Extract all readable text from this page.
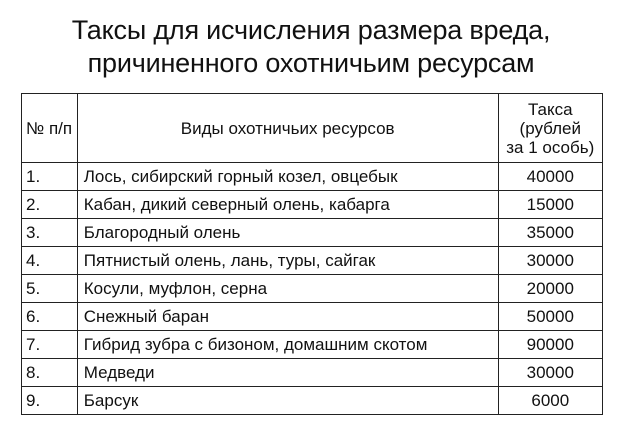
Таксы для исчисления размера вреда,
причиненного охотничьим ресурсам
№ п/п	Виды охотничьих ресурсов	Такса
(рублей
за 1 особь)

1.	Лось, сибирский горный козел, овцебык	40000
2.	Кабан, дикий северный олень, кабарга	15000
3.	Благородный олень	35000
4.	Пятнистый олень, лань, туры, сайгак	30000
5.	Косули, муфлон, серна	20000
6.	Снежный баран	50000
7.	Гибрид зубра с бизоном, домашним скотом	90000
8.	Медведи	30000
9.	Барсук	6000
